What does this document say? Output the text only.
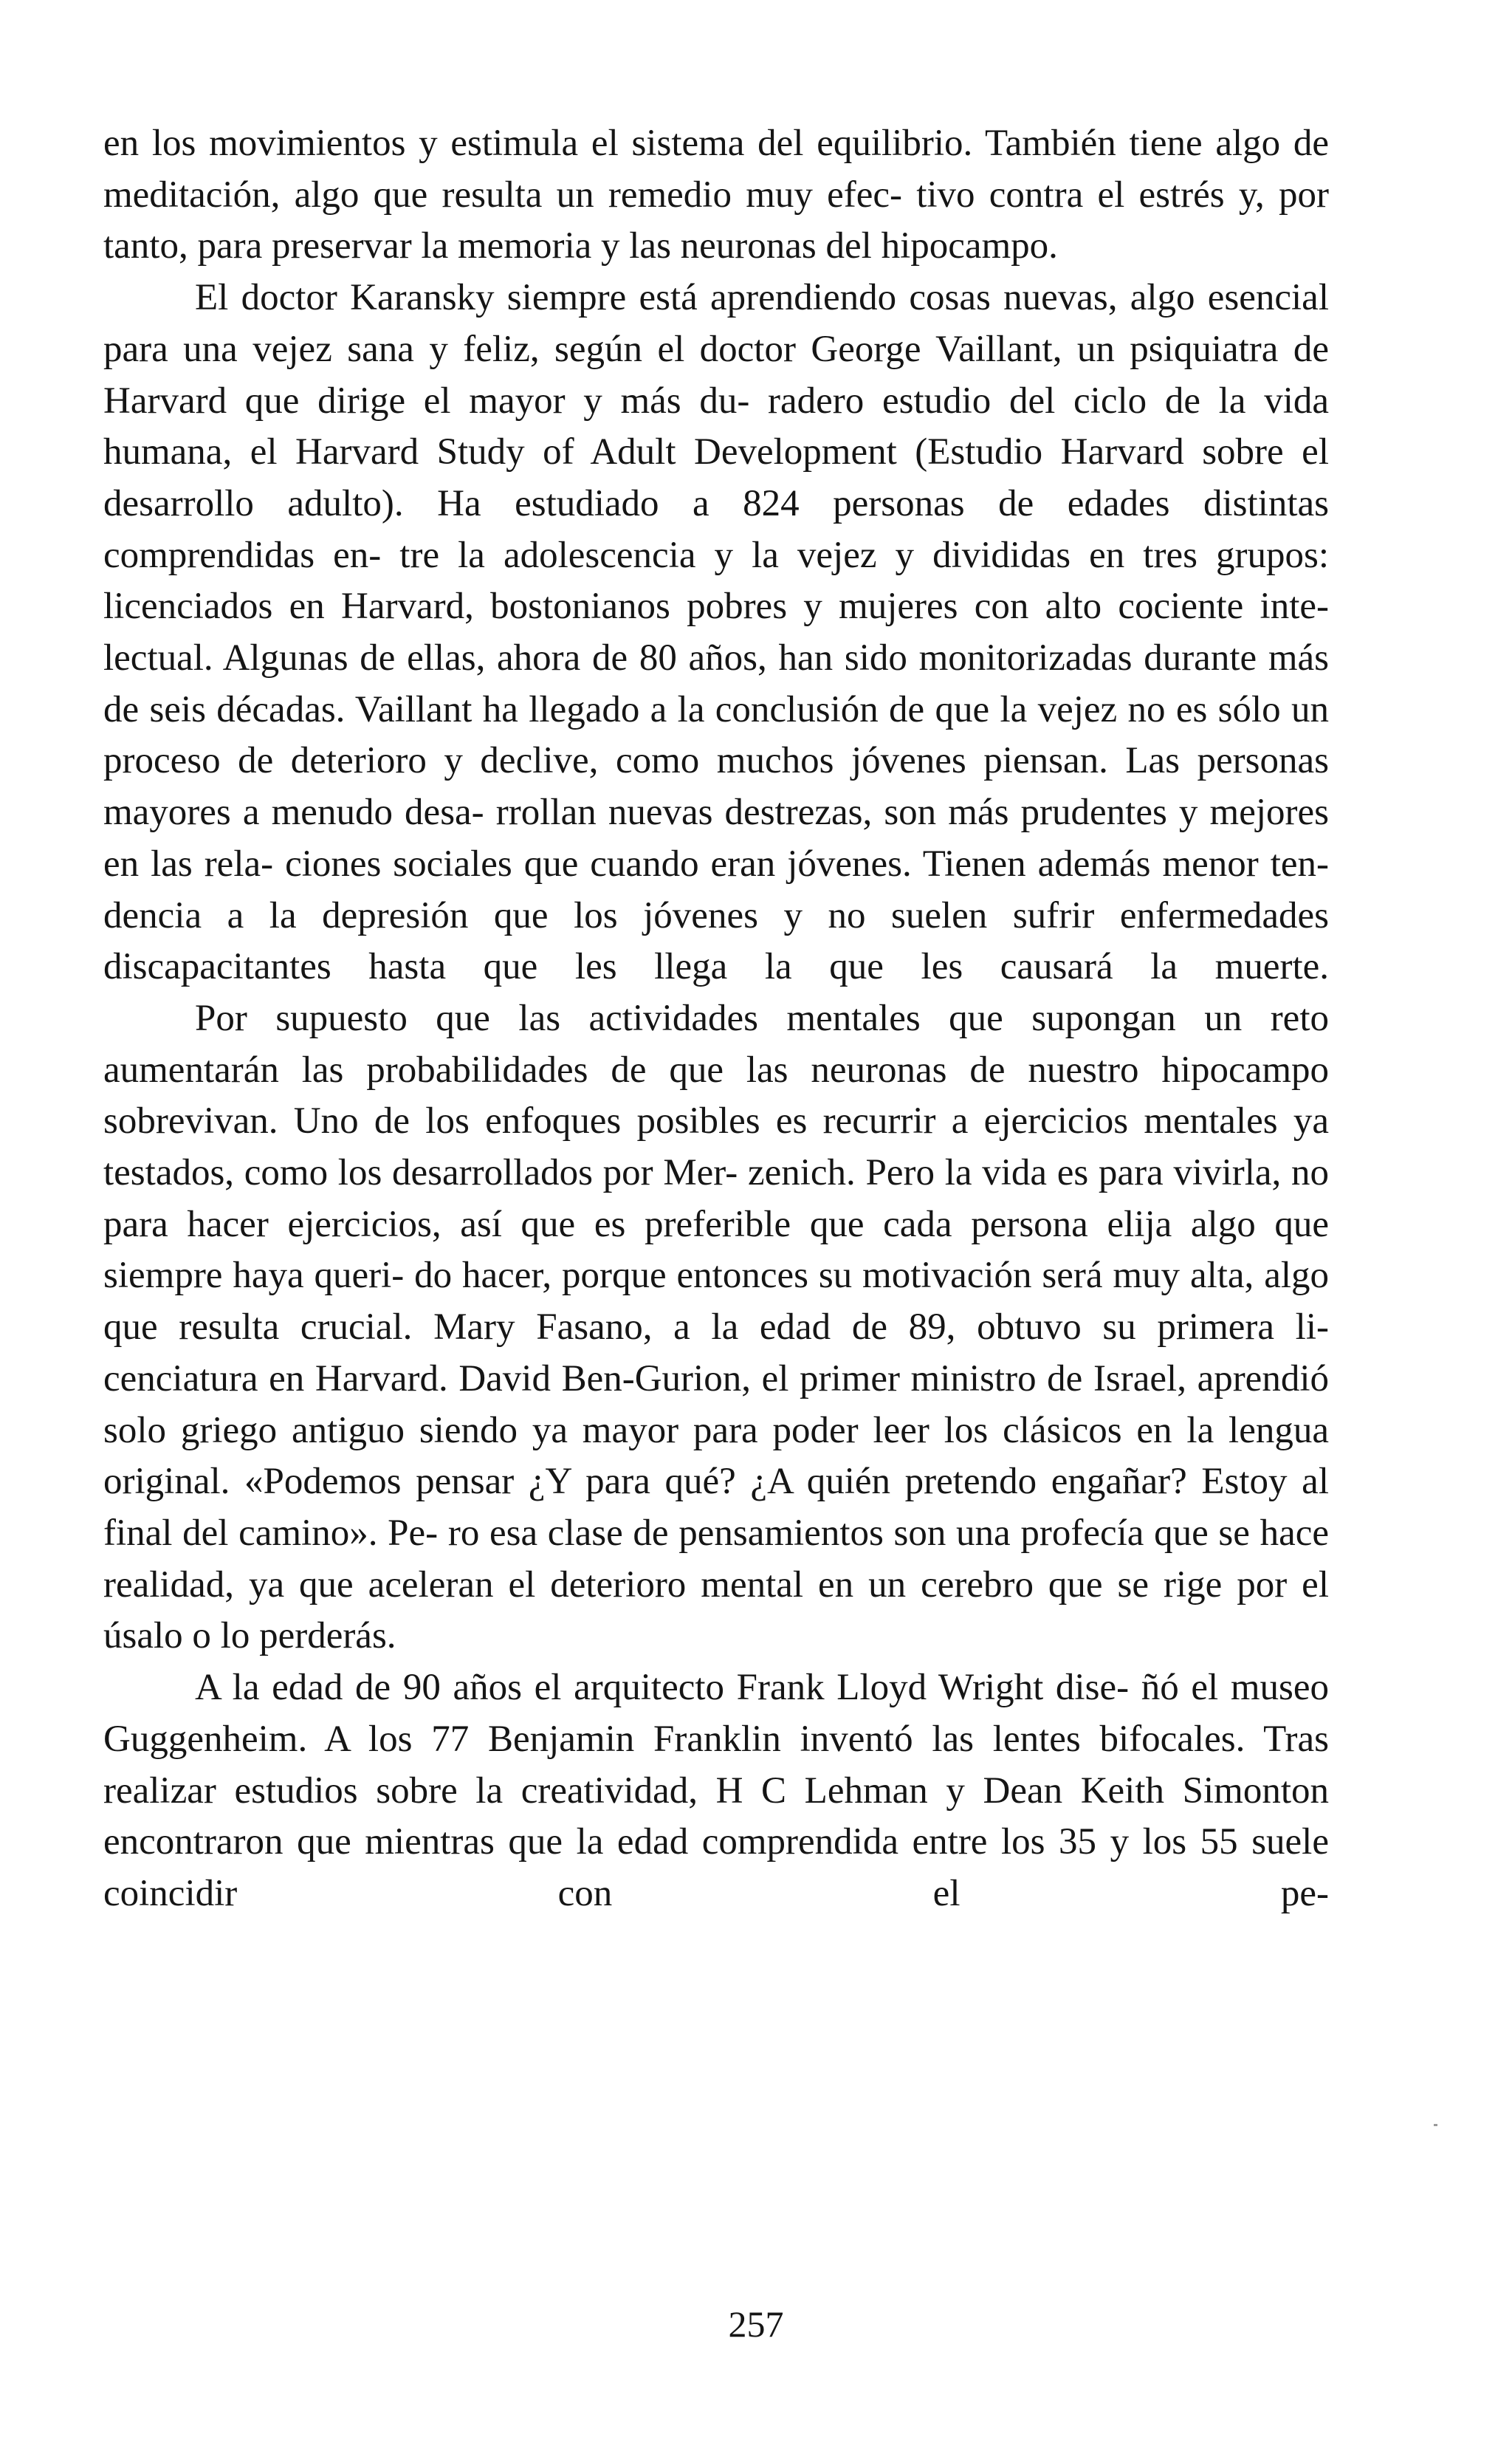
en los movimientos y estimula el sistema del equilibrio. También tiene algo de meditación, algo que resulta un remedio muy efec- tivo contra el estrés y, por tanto, para preservar la memoria y las neuronas del hipocampo.

El doctor Karansky siempre está aprendiendo cosas nuevas, algo esencial para una vejez sana y feliz, según el doctor George Vaillant, un psiquiatra de Harvard que dirige el mayor y más du- radero estudio del ciclo de la vida humana, el Harvard Study of Adult Development (Estudio Harvard sobre el desarrollo adulto). Ha estudiado a 824 personas de edades distintas comprendidas en- tre la adolescencia y la vejez y divididas en tres grupos: licenciados en Harvard, bostonianos pobres y mujeres con alto cociente inte- lectual. Algunas de ellas, ahora de 80 años, han sido monitorizadas durante más de seis décadas. Vaillant ha llegado a la conclusión de que la vejez no es sólo un proceso de deterioro y declive, como muchos jóvenes piensan. Las personas mayores a menudo desa- rrollan nuevas destrezas, son más prudentes y mejores en las rela- ciones sociales que cuando eran jóvenes. Tienen además menor ten- dencia a la depresión que los jóvenes y no suelen sufrir enfermedades discapacitantes hasta que les llega la que les causará la muerte.

Por supuesto que las actividades mentales que supongan un reto aumentarán las probabilidades de que las neuronas de nuestro hipocampo sobrevivan. Uno de los enfoques posibles es recurrir a ejercicios mentales ya testados, como los desarrollados por Mer- zenich. Pero la vida es para vivirla, no para hacer ejercicios, así que es preferible que cada persona elija algo que siempre haya queri- do hacer, porque entonces su motivación será muy alta, algo que resulta crucial. Mary Fasano, a la edad de 89, obtuvo su primera li- cenciatura en Harvard. David Ben-Gurion, el primer ministro de Israel, aprendió solo griego antiguo siendo ya mayor para poder leer los clásicos en la lengua original. «Podemos pensar ¿Y para qué? ¿A quién pretendo engañar? Estoy al final del camino». Pe- ro esa clase de pensamientos son una profecía que se hace realidad, ya que aceleran el deterioro mental en un cerebro que se rige por el úsalo o lo perderás.

A la edad de 90 años el arquitecto Frank Lloyd Wright dise- ñó el museo Guggenheim. A los 77 Benjamin Franklin inventó las lentes bifocales. Tras realizar estudios sobre la creatividad, H C Lehman y Dean Keith Simonton encontraron que mientras que la edad comprendida entre los 35 y los 55 suele coincidir con el pe-

257
